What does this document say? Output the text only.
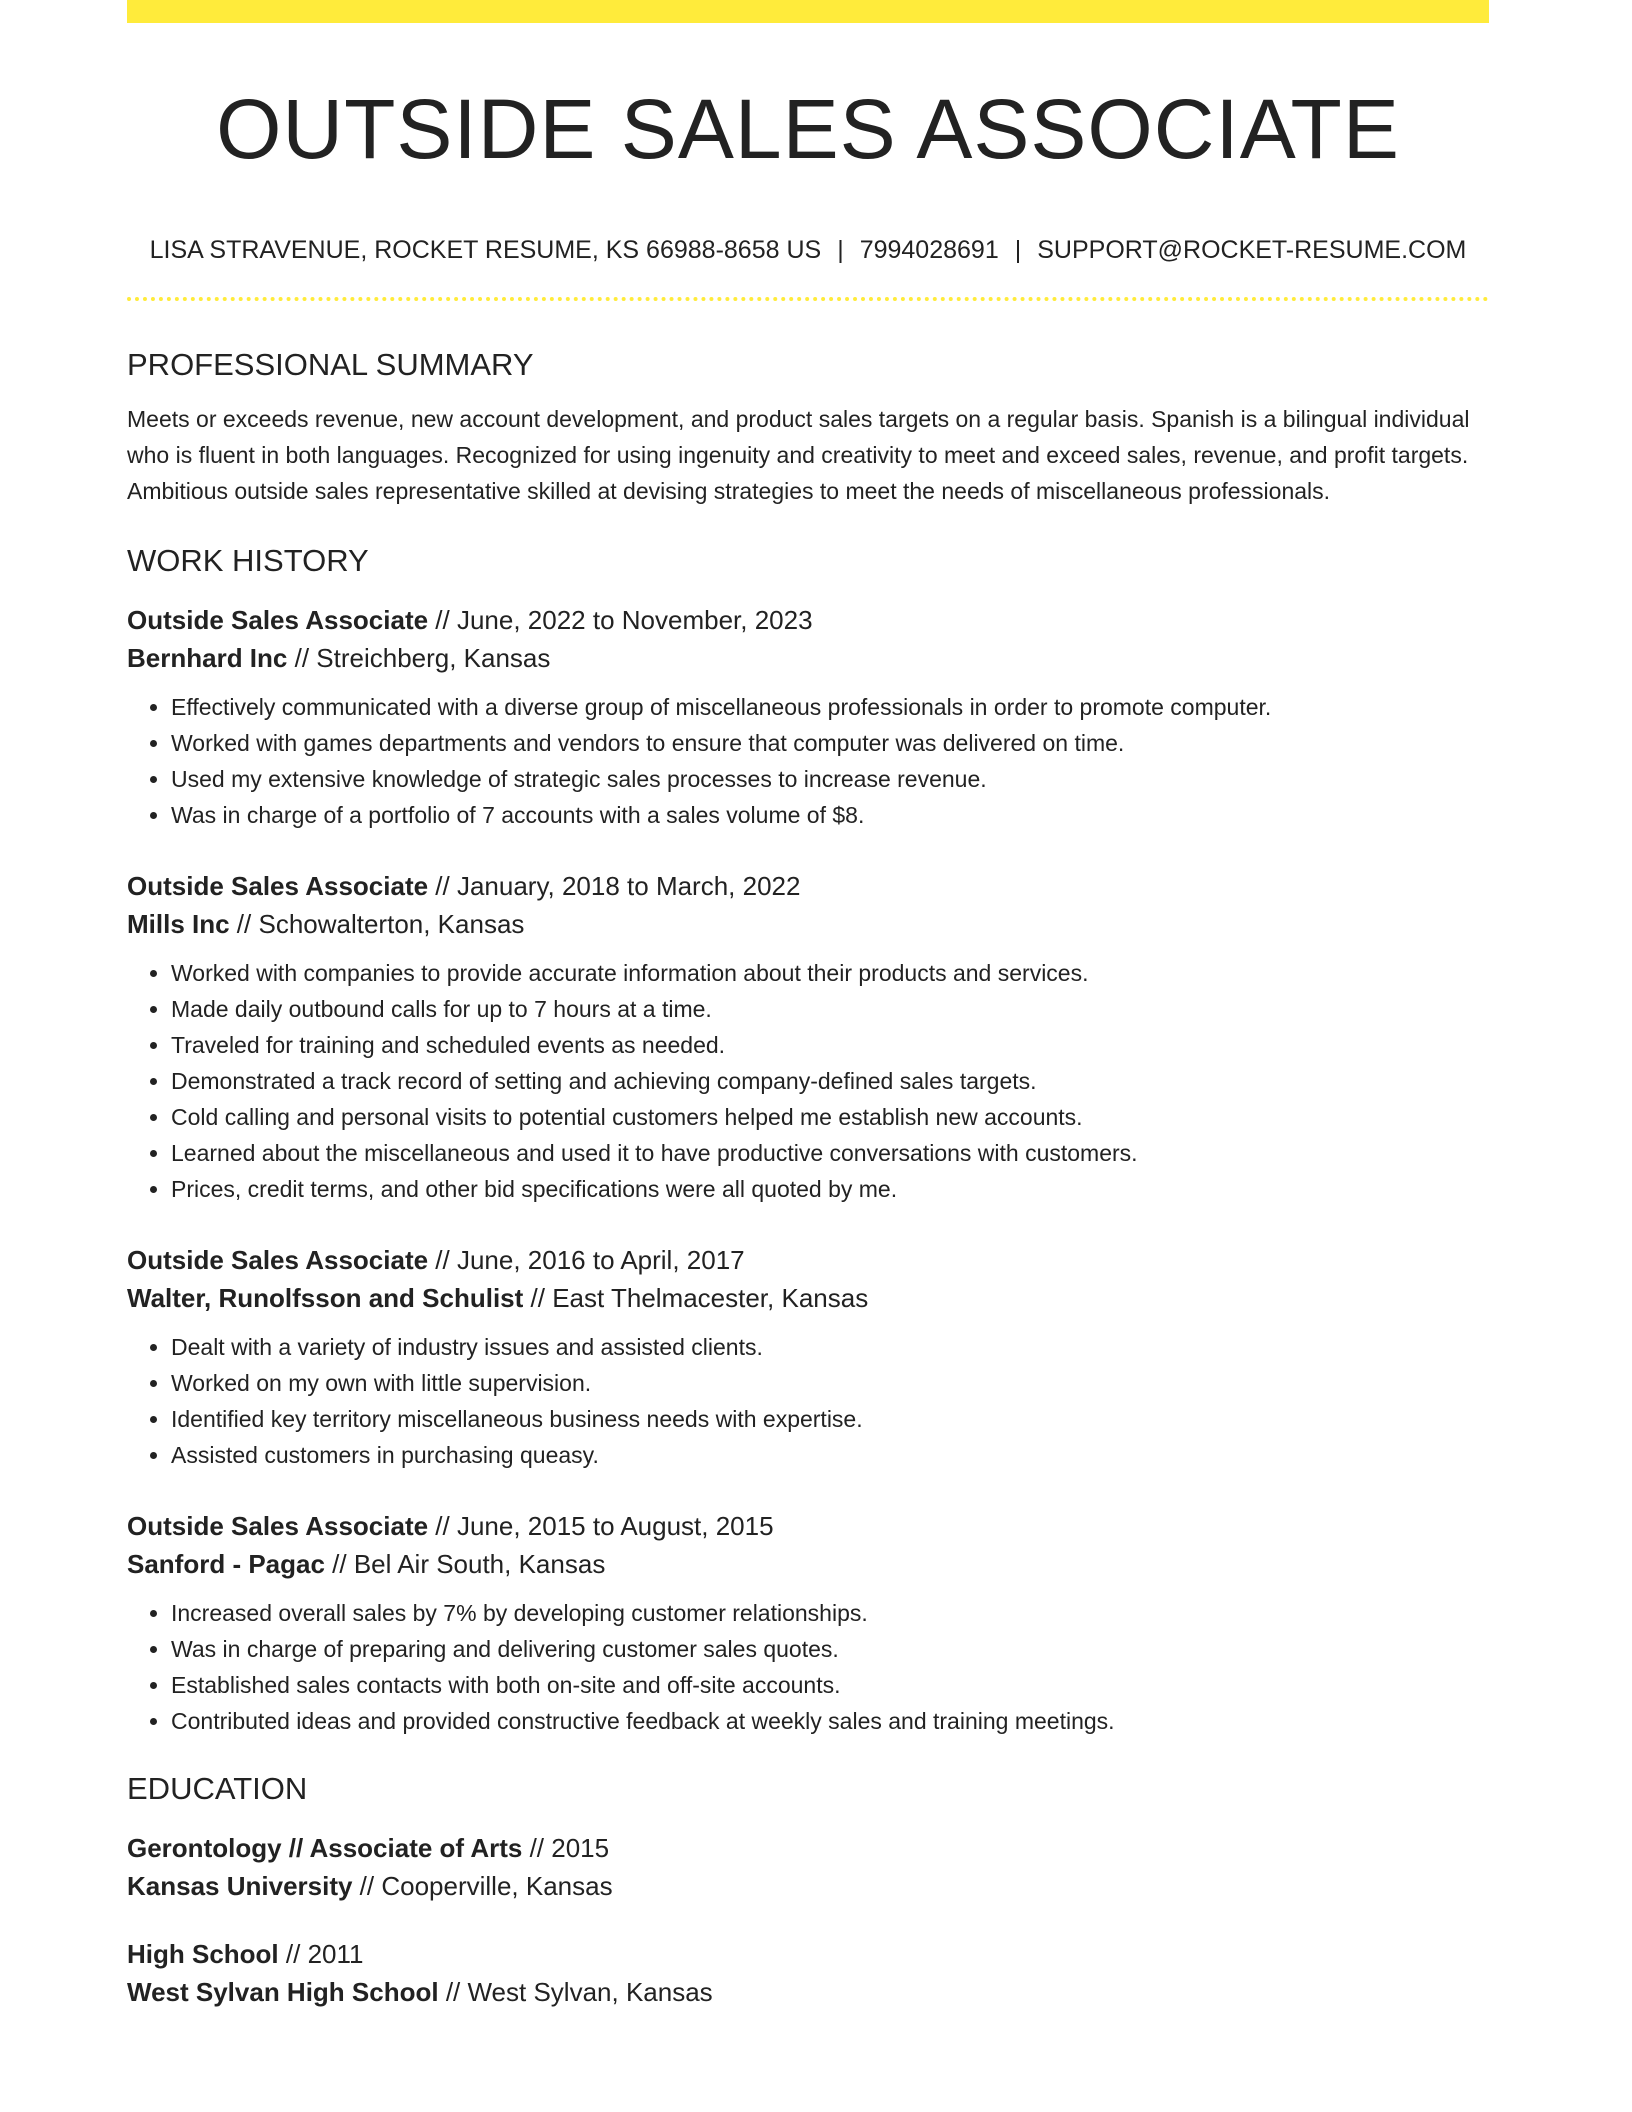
OUTSIDE SALES ASSOCIATE
LISA STRAVENUE, ROCKET RESUME, KS 66988-8658 US | 7994028691 | SUPPORT@ROCKET-RESUME.COM
PROFESSIONAL SUMMARY
Meets or exceeds revenue, new account development, and product sales targets on a regular basis. Spanish is a bilingual individual who is fluent in both languages. Recognized for using ingenuity and creativity to meet and exceed sales, revenue, and profit targets. Ambitious outside sales representative skilled at devising strategies to meet the needs of miscellaneous professionals.
WORK HISTORY
Outside Sales Associate // June, 2022 to November, 2023
Bernhard Inc // Streichberg, Kansas
• Effectively communicated with a diverse group of miscellaneous professionals in order to promote computer.
• Worked with games departments and vendors to ensure that computer was delivered on time.
• Used my extensive knowledge of strategic sales processes to increase revenue.
• Was in charge of a portfolio of 7 accounts with a sales volume of $8.
Outside Sales Associate // January, 2018 to March, 2022
Mills Inc // Schowalterton, Kansas
• Worked with companies to provide accurate information about their products and services.
• Made daily outbound calls for up to 7 hours at a time.
• Traveled for training and scheduled events as needed.
• Demonstrated a track record of setting and achieving company-defined sales targets.
• Cold calling and personal visits to potential customers helped me establish new accounts.
• Learned about the miscellaneous and used it to have productive conversations with customers.
• Prices, credit terms, and other bid specifications were all quoted by me.
Outside Sales Associate // June, 2016 to April, 2017
Walter, Runolfsson and Schulist // East Thelmacester, Kansas
• Dealt with a variety of industry issues and assisted clients.
• Worked on my own with little supervision.
• Identified key territory miscellaneous business needs with expertise.
• Assisted customers in purchasing queasy.
Outside Sales Associate // June, 2015 to August, 2015
Sanford - Pagac // Bel Air South, Kansas
• Increased overall sales by 7% by developing customer relationships.
• Was in charge of preparing and delivering customer sales quotes.
• Established sales contacts with both on-site and off-site accounts.
• Contributed ideas and provided constructive feedback at weekly sales and training meetings.
EDUCATION
Gerontology // Associate of Arts // 2015
Kansas University // Cooperville, Kansas
High School // 2011
West Sylvan High School // West Sylvan, Kansas
